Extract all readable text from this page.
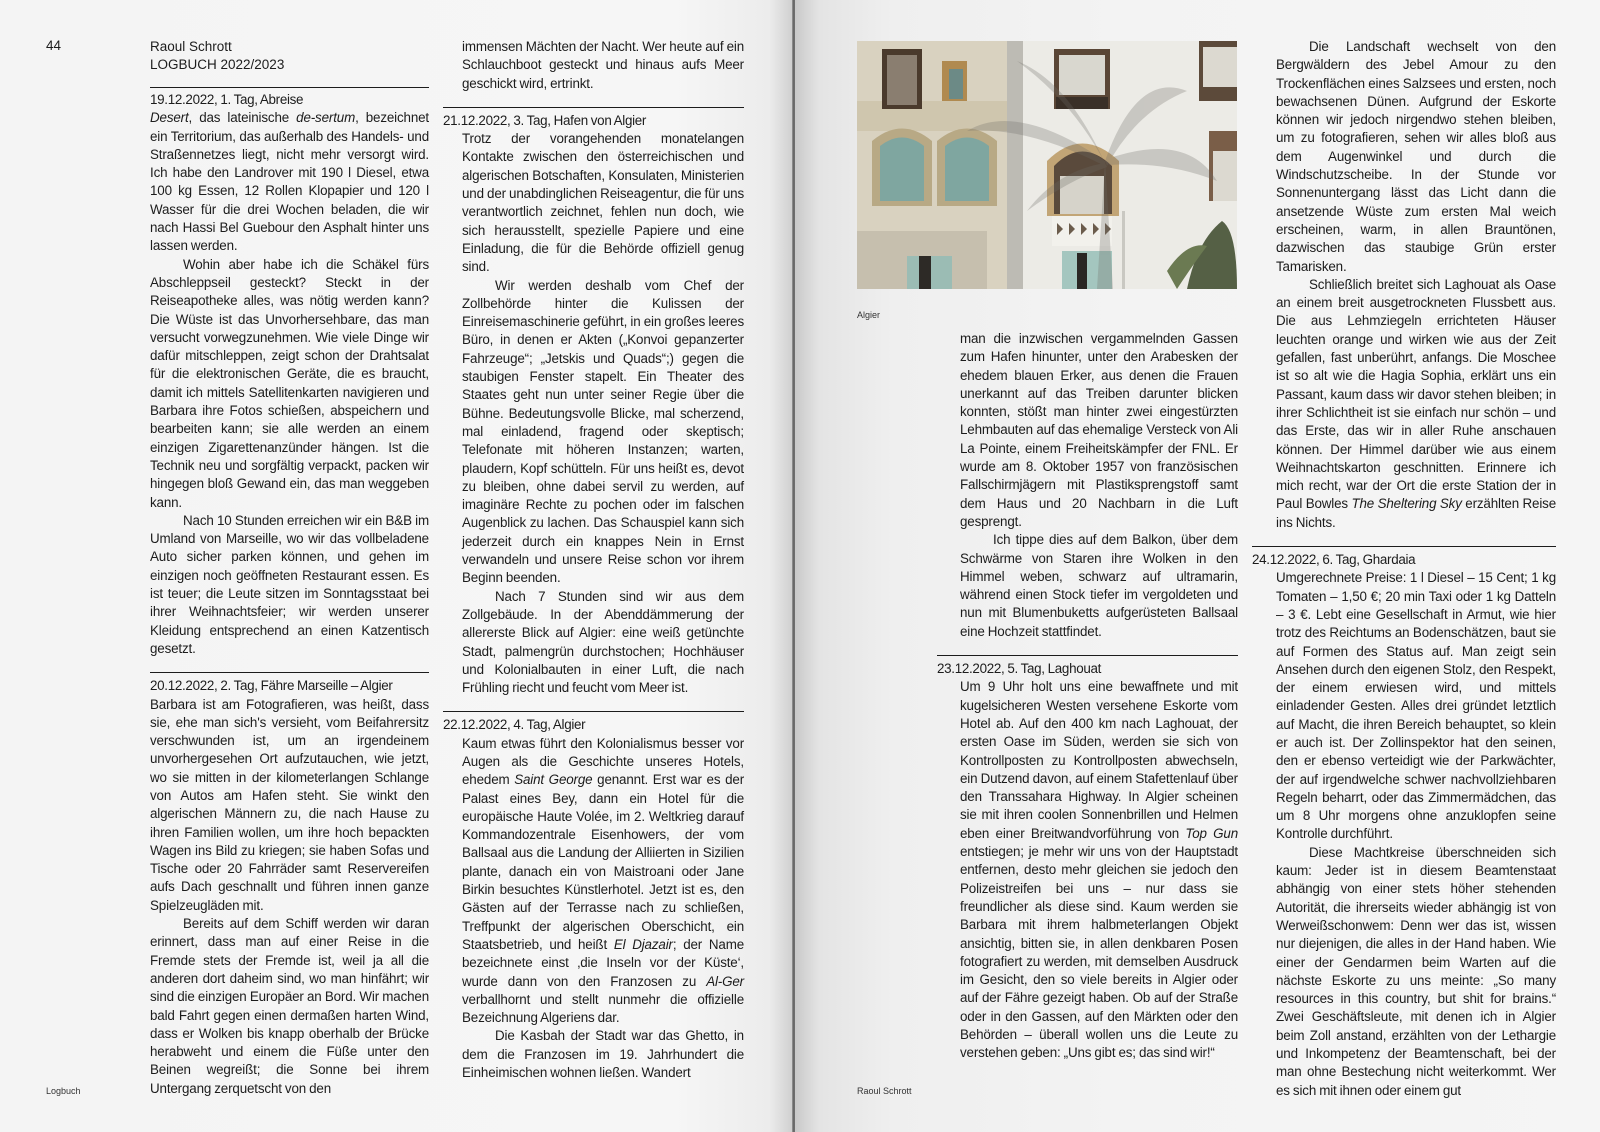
44	Raoul Schrott
LOGBUCH 2022/2023

19.12.2022, 1. Tag, Abreise

Desert, das lateinische de-sertum, bezeichnet ein Territorium, das außerhalb des Handels- und Straßennetzes liegt, nicht mehr versorgt wird. Ich habe den Landrover mit 190 l Diesel, etwa 100 kg Essen, 12 Rollen Klopapier und 120 l Wasser für die drei Wochen beladen, die wir nach Hassi Bel Guebour den Asphalt hinter uns lassen werden.

Wohin aber habe ich die Schäkel fürs Abschleppseil gesteckt? Steckt in der Reiseapotheke alles, was nötig werden kann? Die Wüste ist das Unvorhersehbare, das man versucht vorwegzunehmen. Wie viele Dinge wir dafür mitschleppen, zeigt schon der Drahtsalat für die elektronischen Geräte, die es braucht, damit ich mittels Satellitenkarten navigieren und Barbara ihre Fotos schießen, abspeichern und bearbeiten kann; sie alle werden an einem einzigen Zigarettenanzünder hängen. Ist die Technik neu und sorgfältig verpackt, packen wir hingegen bloß Gewand ein, das man weggeben kann.

Nach 10 Stunden erreichen wir ein B&B im Umland von Marseille, wo wir das vollbeladene Auto sicher parken können, und gehen im einzigen noch geöffneten Restaurant essen. Es ist teuer; die Leute sitzen im Sonntagsstaat bei ihrer Weihnachtsfeier; wir werden unserer Kleidung entsprechend an einen Katzentisch gesetzt.

20.12.2022, 2. Tag, Fähre Marseille – Algier

Barbara ist am Fotografieren, was heißt, dass sie, ehe man sich's versieht, vom Beifahrersitz verschwunden ist, um an irgendeinem unvorhergesehen Ort aufzutauchen, wie jetzt, wo sie mitten in der kilometerlangen Schlange von Autos am Hafen steht. Sie winkt den algerischen Männern zu, die nach Hause zu ihren Familien wollen, um ihre hoch bepackten Wagen ins Bild zu kriegen; sie haben Sofas und Tische oder 20 Fahrräder samt Reservereifen aufs Dach geschnallt und führen innen ganze Spielzeugläden mit.

Bereits auf dem Schiff werden wir daran erinnert, dass man auf einer Reise in die Fremde stets der Fremde ist, weil ja all die anderen dort daheim sind, wo man hinfährt; wir sind die einzigen Europäer an Bord. Wir machen bald Fahrt gegen einen dermaßen harten Wind, dass er Wolken bis knapp oberhalb der Brücke herabweht und einem die Füße unter den Beinen wegreißt; die Sonne bei ihrem Untergang zerquetscht von den

immensen Mächten der Nacht. Wer heute auf ein Schlauchboot gesteckt und hinaus aufs Meer geschickt wird, ertrinkt.

21.12.2022, 3. Tag, Hafen von Algier

Trotz der vorangehenden monatelangen Kontakte zwischen den österreichischen und algerischen Botschaften, Konsulaten, Ministerien und der unabdinglichen Reiseagentur, die für uns verantwortlich zeichnet, fehlen nun doch, wie sich herausstellt, spezielle Papiere und eine Einladung, die für die Behörde offiziell genug sind.

Wir werden deshalb vom Chef der Zollbehörde hinter die Kulissen der Einreisemaschinerie geführt, in ein großes leeres Büro, in denen er Akten („Konvoi gepanzerter Fahrzeuge“; „Jetskis und Quads“;) gegen die staubigen Fenster stapelt. Ein Theater des Staates geht nun unter seiner Regie über die Bühne. Bedeutungsvolle Blicke, mal scherzend, mal einladend, fragend oder skeptisch; Telefonate mit höheren Instanzen; warten, plaudern, Kopf schütteln. Für uns heißt es, devot zu bleiben, ohne dabei servil zu werden, auf imaginäre Rechte zu pochen oder im falschen Augenblick zu lachen. Das Schauspiel kann sich jederzeit durch ein knappes Nein in Ernst verwandeln und unsere Reise schon vor ihrem Beginn beenden.

Nach 7 Stunden sind wir aus dem Zollgebäude. In der Abenddämmerung der allererste Blick auf Algier: eine weiß getünchte Stadt, palmengrün durchstochen; Hochhäuser und Kolonialbauten in einer Luft, die nach Frühling riecht und feucht vom Meer ist.

22.12.2022, 4. Tag, Algier

Kaum etwas führt den Kolonialismus besser vor Augen als die Geschichte unseres Hotels, ehedem Saint George genannt. Erst war es der Palast eines Bey, dann ein Hotel für die europäische Haute Volée, im 2. Weltkrieg darauf Kommandozentrale Eisenhowers, der vom Ballsaal aus die Landung der Alliierten in Sizilien plante, danach ein von Maistroani oder Jane Birkin besuchtes Künstlerhotel. Jetzt ist es, den Gästen auf der Terrasse nach zu schließen, Treffpunkt der algerischen Oberschicht, ein Staatsbetrieb, und heißt El Djazair; der Name bezeichnete einst ‚die Inseln vor der Küste‘, wurde dann von den Franzosen zu Al-Ger verballhornt und stellt nunmehr die offizielle Bezeichnung Algeriens dar.

Die Kasbah der Stadt war das Ghetto, in dem die Franzosen im 19. Jahrhundert die Einheimischen wohnen ließen. Wandert

Logbuch
Algier

man die inzwischen vergammelnden Gassen zum Hafen hinunter, unter den Arabesken der ehedem blauen Erker, aus denen die Frauen unerkannt auf das Treiben darunter blicken konnten, stößt man hinter zwei eingestürzten Lehmbauten auf das ehemalige Versteck von Ali La Pointe, einem Freiheitskämpfer der FNL. Er wurde am 8. Oktober 1957 von französischen Fallschirmjägern mit Plastiksprengstoff samt dem Haus und 20 Nachbarn in die Luft gesprengt.

Ich tippe dies auf dem Balkon, über dem Schwärme von Staren ihre Wolken in den Himmel weben, schwarz auf ultramarin, während einen Stock tiefer im vergoldeten und nun mit Blumenbuketts aufgerüsteten Ballsaal eine Hochzeit stattfindet.

23.12.2022, 5. Tag, Laghouat

Um 9 Uhr holt uns eine bewaffnete und mit kugelsicheren Westen versehene Eskorte vom Hotel ab. Auf den 400 km nach Laghouat, der ersten Oase im Süden, werden sie sich von Kontrollposten zu Kontrollposten abwechseln, ein Dutzend davon, auf einem Stafettenlauf über den Transsahara Highway. In Algier scheinen sie mit ihren coolen Sonnenbrillen und Helmen eben einer Breitwandvorführung von Top Gun entstiegen; je mehr wir uns von der Hauptstadt entfernen, desto mehr gleichen sie jedoch den Polizeistreifen bei uns – nur dass sie freundlicher als diese sind. Kaum werden sie Barbara mit ihrem halbmeterlangen Objekt ansichtig, bitten sie, in allen denkbaren Posen fotografiert zu werden, mit demselben Ausdruck im Gesicht, den so viele bereits in Algier oder auf der Fähre gezeigt haben. Ob auf der Straße oder in den Gassen, auf den Märkten oder den Behörden – überall wollen uns die Leute zu verstehen geben: „Uns gibt es; das sind wir!“

Die Landschaft wechselt von den Bergwäldern des Jebel Amour zu den Trockenflächen eines Salzsees und ersten, noch bewachsenen Dünen. Aufgrund der Eskorte können wir jedoch nirgendwo stehen bleiben, um zu fotografieren, sehen wir alles bloß aus dem Augenwinkel und durch die Windschutzscheibe. In der Stunde vor Sonnenuntergang lässt das Licht dann die ansetzende Wüste zum ersten Mal weich erscheinen, warm, in allen Brauntönen, dazwischen das staubige Grün erster Tamarisken.

Schließlich breitet sich Laghouat als Oase an einem breit ausgetrockneten Flussbett aus. Die aus Lehmziegeln errichteten Häuser leuchten orange und wirken wie aus der Zeit gefallen, fast unberührt, anfangs. Die Moschee ist so alt wie die Hagia Sophia, erklärt uns ein Passant, kaum dass wir davor stehen bleiben; in ihrer Schlichtheit ist sie einfach nur schön – und das Erste, das wir in aller Ruhe anschauen können. Der Himmel darüber wie aus einem Weihnachtskarton geschnitten. Erinnere ich mich recht, war der Ort die erste Station der in Paul Bowles The Sheltering Sky erzählten Reise ins Nichts.

24.12.2022, 6. Tag, Ghardaia

Umgerechnete Preise: 1 l Diesel – 15 Cent; 1 kg Tomaten – 1,50 €; 20 min Taxi oder 1 kg Datteln – 3 €. Lebt eine Gesellschaft in Armut, wie hier trotz des Reichtums an Bodenschätzen, baut sie auf Formen des Status auf. Man zeigt sein Ansehen durch den eigenen Stolz, den Respekt, der einem erwiesen wird, und mittels einladender Gesten. Alles drei gründet letztlich auf Macht, die ihren Bereich behauptet, so klein er auch ist. Der Zollinspektor hat den seinen, den er ebenso verteidigt wie der Parkwächter, der auf irgendwelche schwer nachvollziehbaren Regeln beharrt, oder das Zimmermädchen, das um 8 Uhr morgens ohne anzuklopfen seine Kontrolle durchführt.

Diese Machtkreise überschneiden sich kaum: Jeder ist in diesem Beamtenstaat abhängig von einer stets höher stehenden Autorität, die ihrerseits wieder abhängig ist von Werweißschonwem: Denn wer das ist, wissen nur diejenigen, die alles in der Hand haben. Wie einer der Gendarmen beim Warten auf die nächste Eskorte zu uns meinte: „So many resources in this country, but shit for brains.“ Zwei Geschäftsleute, mit denen ich in Algier beim Zoll anstand, erzählten von der Lethargie und Inkompetenz der Beamtenschaft, bei der man ohne Bestechung nicht weiterkommt. Wer es sich mit ihnen oder einem gut

Raoul Schrott
